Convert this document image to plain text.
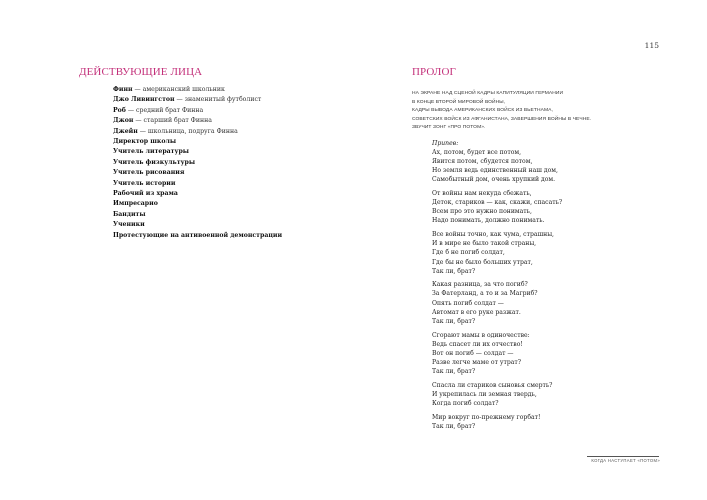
115
ДЕЙСТВУЮЩИЕ ЛИЦА	ПРОЛОГ
Финн — американский школьник
Джо Ливингстон — знаменитый футболист
Роб — средний брат Финна
Джон — старший брат Финна
Джейн — школьница, подруга Финна
Директор школы
Учитель литературы
Учитель физкультуры
Учитель рисования
Учитель истории
Рабочий из храма
Импресарио
Бандиты
Ученики
Протестующие на антивоенной демонстрации
НА ЭКРАНЕ НАД СЦЕНОЙ КАДРЫ КАПИТУЛЯЦИИ ГЕРМАНИИ
В КОНЦЕ ВТОРОЙ МИРОВОЙ ВОЙНЫ,
КАДРЫ ВЫВОДА АМЕРИКАНСКИХ ВОЙСК ИЗ ВЬЕТНАМА,
СОВЕТСКИХ ВОЙСК ИЗ АФГАНИСТАНА, ЗАВЕРШЕНИЯ ВОЙНЫ В ЧЕЧНЕ.
ЗВУЧИТ ЗОНГ «ПРО ПОТОМ».
Припев:
Ах, потом, будет все потом,
Явится потом, сбудется потом,
Но земля ведь единственный наш дом,
Самобытный дом, очень хрупкий дом.
От войны нам некуда сбежать,
Деток, стариков — как, скажи, спасать?
Всем про это нужно понимать,
Надо понимать, должно понимать.
Все войны точно, как чума, страшны,
И в мире не было такой страны,
Где б не погиб солдат,
Где бы не было больших утрат,
Так ли, брат?
Какая разница, за что погиб?
За Фатерланд, а то и за Магриб?
Опять погиб солдат —
Автомат в его руке разжат.
Так ли, брат?
Сгорают мамы в одиночестве:
Ведь спасет ли их отчество!
Вот он погиб — солдат —
Разве легче маме от утрат?
Так ли, брат?
Спасла ли стариков сыновья смерть?
И укрепилась ли земная твердь,
Когда погиб солдат?
Мир вокруг по-прежнему горбат!
Так ли, брат?
КОГДА НАСТУПАЕТ «ПОТОМ»
